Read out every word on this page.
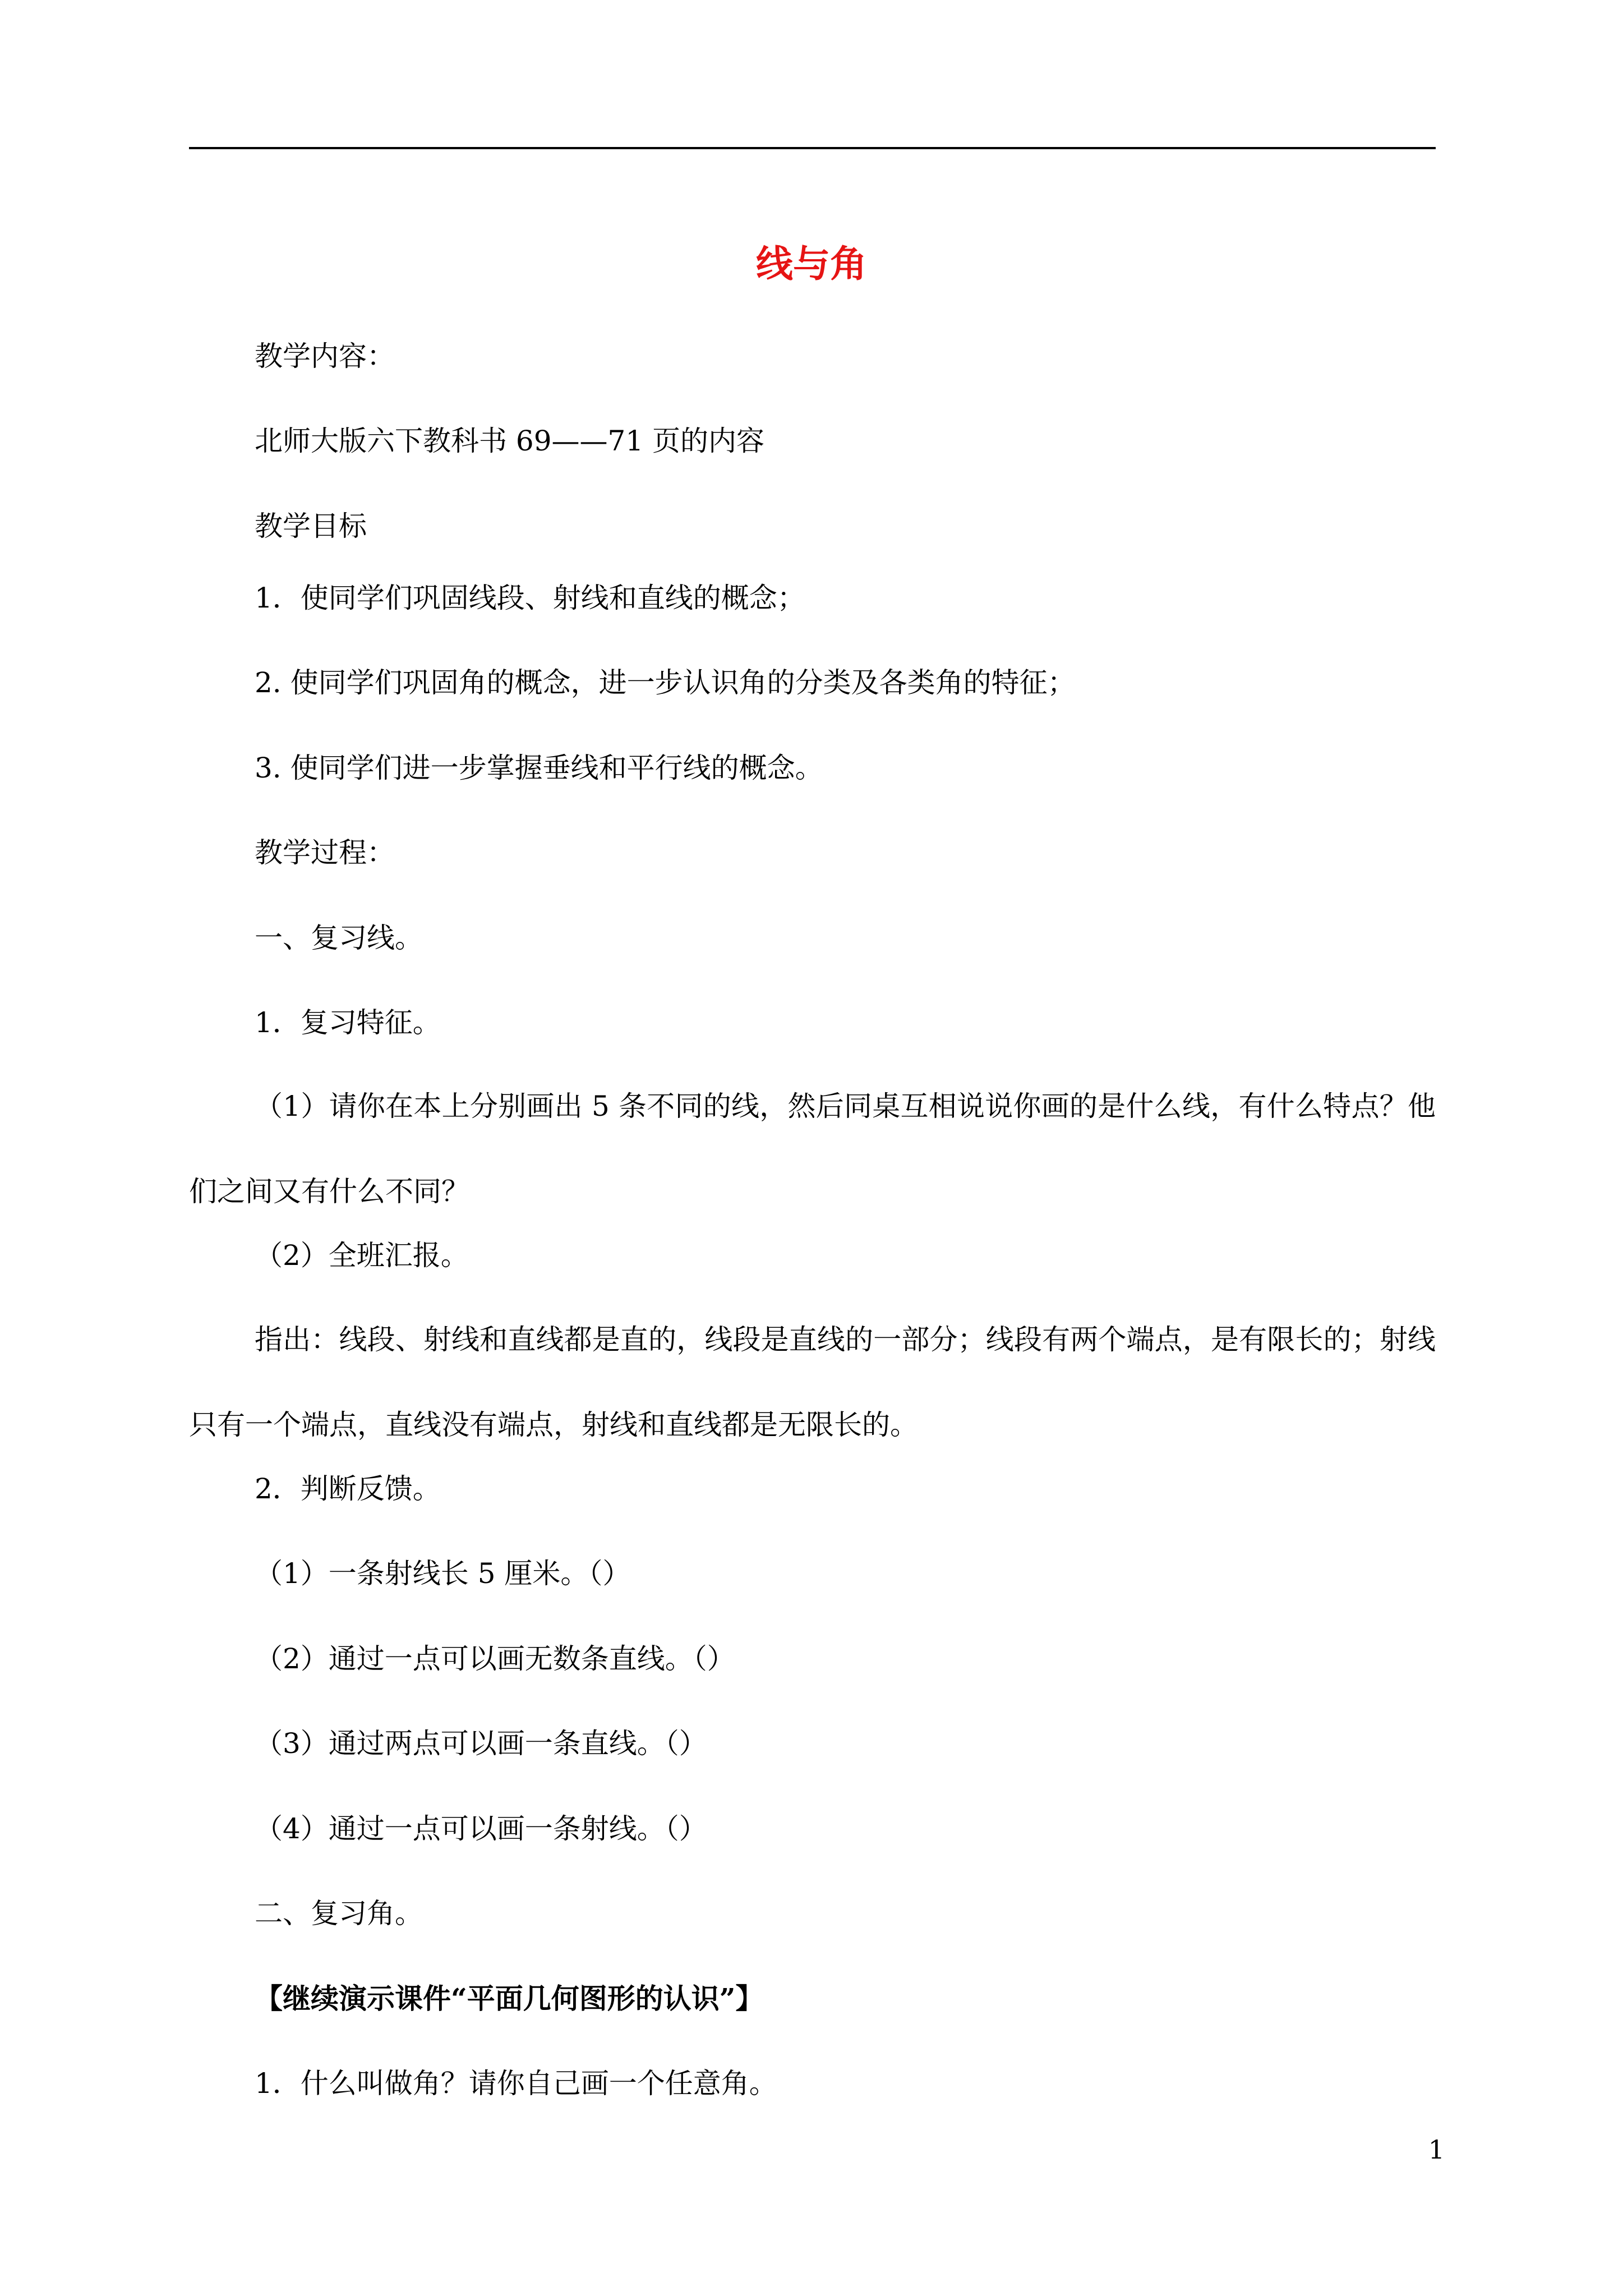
线与角
教学内容：
北师大版六下教科书 69——71 页的内容
教学目标
1．使同学们巩固线段、射线和直线的概念；
2. 使同学们巩固角的概念，进一步认识角的分类及各类角的特征；
3. 使同学们进一步掌握垂线和平行线的概念。
教学过程：
一、复习线。
1．复习特征。
（1）请你在本上分别画出 5 条不同的线，然后同桌互相说说你画的是什么线，有什么特点？他们之间又有什么不同？
（2）全班汇报。
指出：线段、射线和直线都是直的，线段是直线的一部分；线段有两个端点，是有限长的；射线只有一个端点，直线没有端点，射线和直线都是无限长的。
2．判断反馈。
（1）一条射线长 5 厘米。（）
（2）通过一点可以画无数条直线。（）
（3）通过两点可以画一条直线。（）
（4）通过一点可以画一条射线。（）
二、复习角。
【继续演示课件“平面几何图形的认识”】
1．什么叫做角？请你自己画一个任意角。
1
